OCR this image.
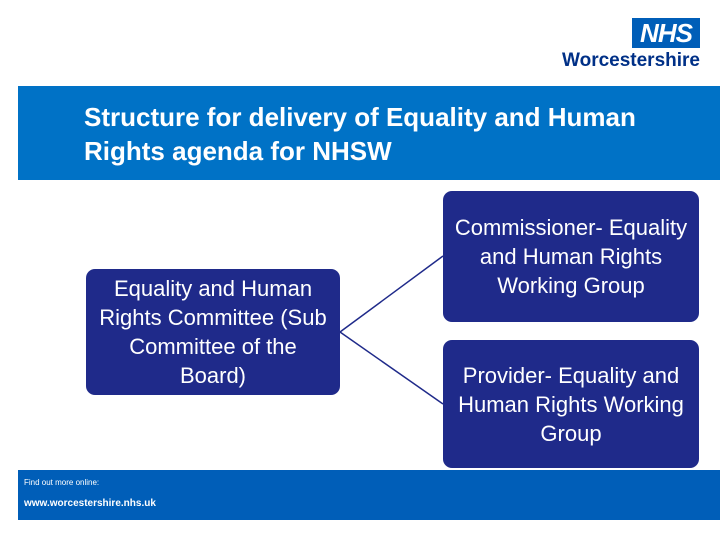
NHS
Worcestershire
Structure for delivery of Equality and Human Rights agenda for NHSW
Equality and Human Rights Committee (Sub Committee of the Board)
Commissioner- Equality and Human Rights Working Group
Provider- Equality and Human Rights Working Group
Find out more online:
www.worcestershire.nhs.uk
